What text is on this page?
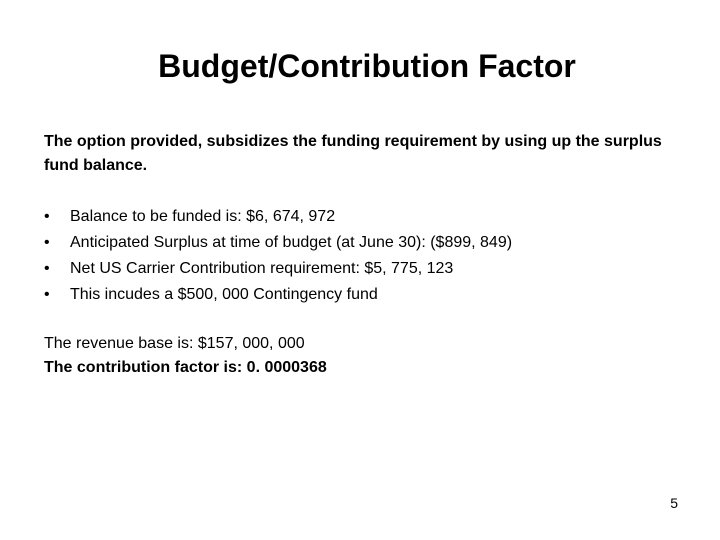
Budget/Contribution Factor
The option provided, subsidizes the funding requirement by using up the surplus fund balance.
•	Balance to be funded is: $6, 674, 972
•	Anticipated Surplus at time of budget (at June 30): ($899, 849)
•	Net US Carrier Contribution requirement: $5, 775, 123
•	This incudes a $500, 000 Contingency fund
The revenue base is: $157, 000, 000
The contribution factor is: 0. 0000368
5
